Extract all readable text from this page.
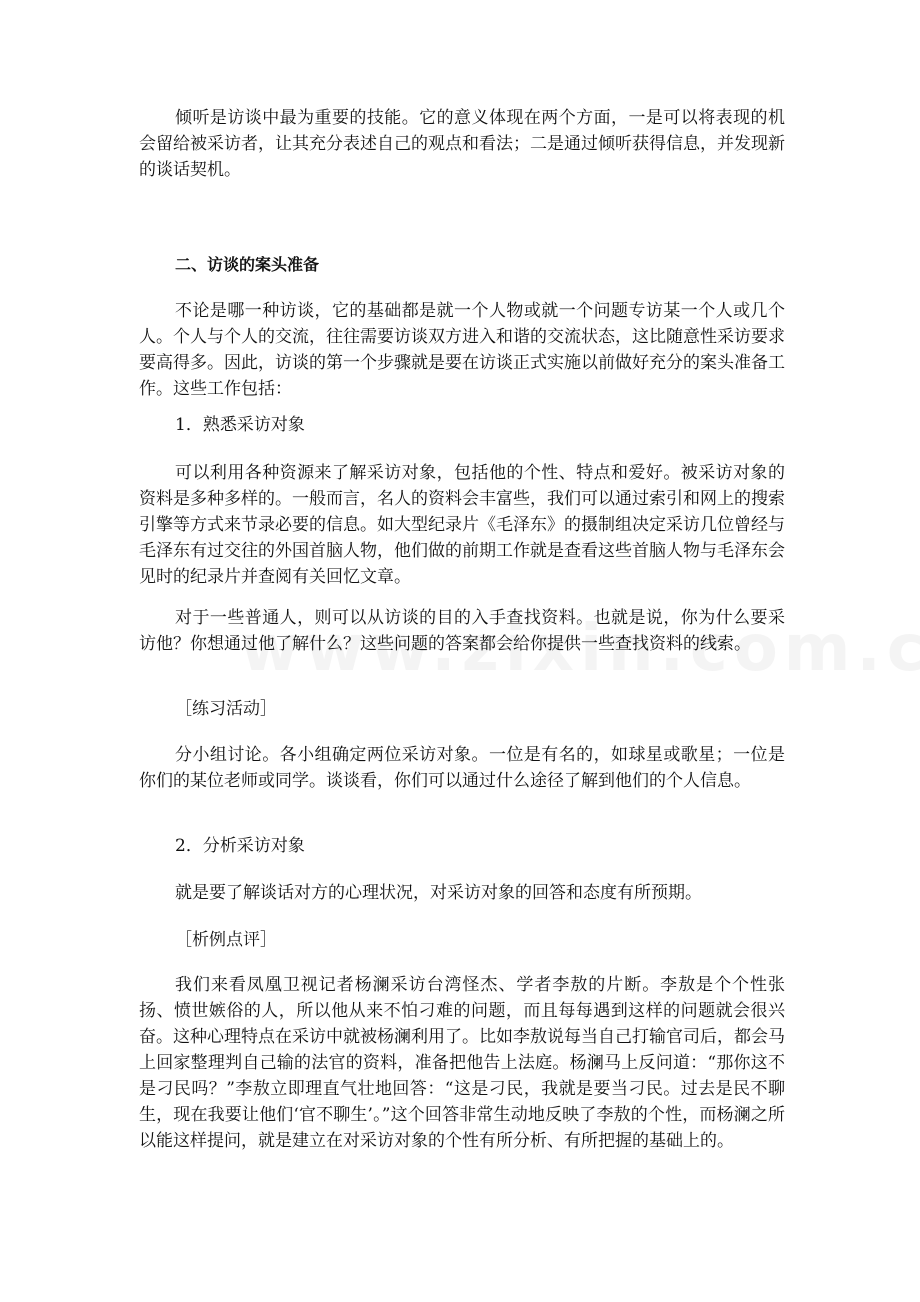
倾听是访谈中最为重要的技能。它的意义体现在两个方面，一是可以将表现的机会留给被采访者，让其充分表述自己的观点和看法；二是通过倾听获得信息，并发现新的谈话契机。

二、访谈的案头准备

不论是哪一种访谈，它的基础都是就一个人物或就一个问题专访某一个人或几个人。个人与个人的交流，往往需要访谈双方进入和谐的交流状态，这比随意性采访要求要高得多。因此，访谈的第一个步骤就是要在访谈正式实施以前做好充分的案头准备工作。这些工作包括：

1．熟悉采访对象

可以利用各种资源来了解采访对象，包括他的个性、特点和爱好。被采访对象的资料是多种多样的。一般而言，名人的资料会丰富些，我们可以通过索引和网上的搜索引擎等方式来节录必要的信息。如大型纪录片《毛泽东》的摄制组决定采访几位曾经与毛泽东有过交往的外国首脑人物，他们做的前期工作就是查看这些首脑人物与毛泽东会见时的纪录片并查阅有关回忆文章。

对于一些普通人，则可以从访谈的目的入手查找资料。也就是说，你为什么要采访他？你想通过他了解什么？这些问题的答案都会给你提供一些查找资料的线索。

［练习活动］

分小组讨论。各小组确定两位采访对象。一位是有名的，如球星或歌星；一位是你们的某位老师或同学。谈谈看，你们可以通过什么途径了解到他们的个人信息。

2．分析采访对象

就是要了解谈话对方的心理状况，对采访对象的回答和态度有所预期。

［析例点评］

我们来看凤凰卫视记者杨澜采访台湾怪杰、学者李敖的片断。李敖是个个性张扬、愤世嫉俗的人，所以他从来不怕刁难的问题，而且每每遇到这样的问题就会很兴奋。这种心理特点在采访中就被杨澜利用了。比如李敖说每当自己打输官司后，都会马上回家整理判自己输的法官的资料，准备把他告上法庭。杨澜马上反问道：“那你这不是刁民吗？”李敖立即理直气壮地回答：“这是刁民，我就是要当刁民。过去是民不聊生，现在我要让他们‘官不聊生’。”这个回答非常生动地反映了李敖的个性，而杨澜之所以能这样提问，就是建立在对采访对象的个性有所分析、有所把握的基础上的。
